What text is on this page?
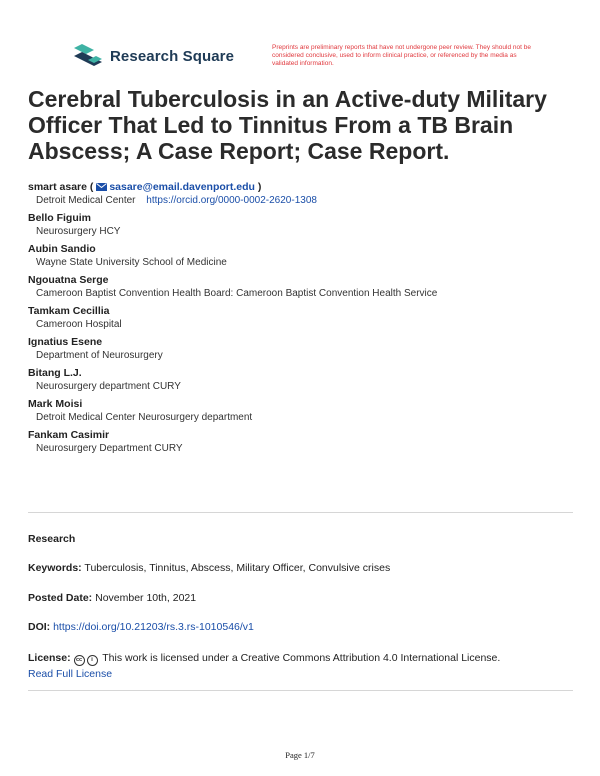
Research Square	Preprints are preliminary reports that have not undergone peer review. They should not be considered conclusive, used to inform clinical practice, or referenced by the media as validated information.
Cerebral Tuberculosis in an Active-duty Military Officer That Led to Tinnitus From a TB Brain Abscess; A Case Report; Case Report.
smart asare ( sasare@email.davenport.edu )
Detroit Medical Center https://orcid.org/0000-0002-2620-1308
Bello Figuim
Neurosurgery HCY
Aubin Sandio
Wayne State University School of Medicine
Ngouatna Serge
Cameroon Baptist Convention Health Board: Cameroon Baptist Convention Health Service
Tamkam Cecillia
Cameroon Hospital
Ignatius Esene
Department of Neurosurgery
Bitang L.J.
Neurosurgery department CURY
Mark Moisi
Detroit Medical Center Neurosurgery department
Fankam Casimir
Neurosurgery Department CURY
Research
Keywords: Tuberculosis, Tinnitus, Abscess, Military Officer, Convulsive crises
Posted Date: November 10th, 2021
DOI: https://doi.org/10.21203/rs.3.rs-1010546/v1
License: cc i This work is licensed under a Creative Commons Attribution 4.0 International License.
Read Full License
Page 1/7
